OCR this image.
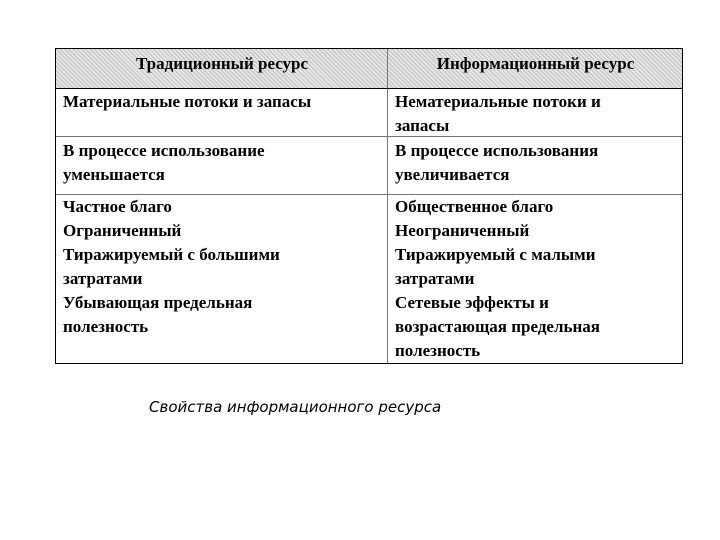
Традиционный ресурс	Информационный ресурс
Материальные потоки и запасы	Нематериальные потоки и
запасы
В процессе использование
уменьшается
В процессе использования
увеличивается
Частное благо
Ограниченный
Тиражируемый с большими
затратами
Убывающая предельная
полезность
Общественное благо
Неограниченный
Тиражируемый с малыми
затратами
Сетевые эффекты и
возрастающая предельная
полезность
Свойства информационного ресурса
